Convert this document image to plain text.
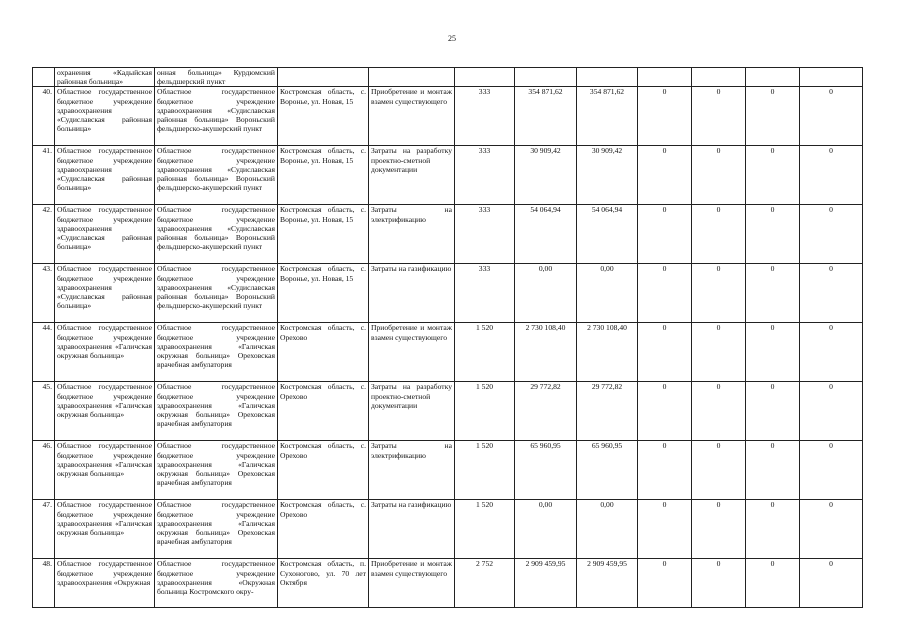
25
	охранения «Кадыйская районная больница»	онная больница» Курдюмский фельдшерский пункт									
40.	Областное государственное бюджетное учреждение здравоохранения «Судиславская районная больница»	Областное государственное бюджетное учреждение здравоохранения «Судиславская районная больница» Вороньский фельдшерско-акушерский пункт	Костромская область, с. Воронье, ул. Новая, 15	Приобретение и монтаж взамен существующего	333	354 871,62	354 871,62	0	0	0	0
41.	Областное государственное бюджетное учреждение здравоохранения «Судиславская районная больница»	Областное государственное бюджетное учреждение здравоохранения «Судиславская районная больница» Вороньский фельдшерско-акушерский пункт	Костромская область, с. Воронье, ул. Новая, 15	Затраты на разработку проектно-сметной документации	333	30 909,42	30 909,42	0	0	0	0
42.	Областное государственное бюджетное учреждение здравоохранения «Судиславская районная больница»	Областное государственное бюджетное учреждение здравоохранения «Судиславская районная больница» Вороньский фельдшерско-акушерский пункт	Костромская область, с. Воронье, ул. Новая, 15	Затраты на электрификацию	333	54 064,94	54 064,94	0	0	0	0
43.	Областное государственное бюджетное учреждение здравоохранения «Судиславская районная больница»	Областное государственное бюджетное учреждение здравоохранения «Судиславская районная больница» Вороньский фельдшерско-акушерский пункт	Костромская область, с. Воронье, ул. Новая, 15	Затраты на газификацию	333	0,00	0,00	0	0	0	0
44.	Областное государственное бюджетное учреждение здравоохранения «Галичская окружная больница»	Областное государственное бюджетное учреждение здравоохранения «Галичская окружная больница» Ореховская врачебная амбулатория	Костромская область, с. Орехово	Приобретение и монтаж взамен существующего	1 520	2 730 108,40	2 730 108,40	0	0	0	0
45.	Областное государственное бюджетное учреждение здравоохранения «Галичская окружная больница»	Областное государственное бюджетное учреждение здравоохранения «Галичская окружная больница» Ореховская врачебная амбулатория	Костромская область, с. Орехово	Затраты на разработку проектно-сметной документации	1 520	29 772,82	29 772,82	0	0	0	0
46.	Областное государственное бюджетное учреждение здравоохранения «Галичская окружная больница»	Областное государственное бюджетное учреждение здравоохранения «Галичская окружная больница» Ореховская врачебная амбулатория	Костромская область, с. Орехово	Затраты на электрификацию	1 520	65 960,95	65 960,95	0	0	0	0
47.	Областное государственное бюджетное учреждение здравоохранения «Галичская окружная больница»	Областное государственное бюджетное учреждение здравоохранения «Галичская окружная больница» Ореховская врачебная амбулатория	Костромская область, с. Орехово	Затраты на газификацию	1 520	0,00	0,00	0	0	0	0
48.	Областное государственное бюджетное учреждение здравоохранения «Окружная	Областное государственное бюджетное учреждение здравоохранения «Окружная больница Костромского окру-	Костромская область, п. Сухоногово, ул. 70 лет Октября	Приобретение и монтаж взамен существующего	2 752	2 909 459,95	2 909 459,95	0	0	0	0
